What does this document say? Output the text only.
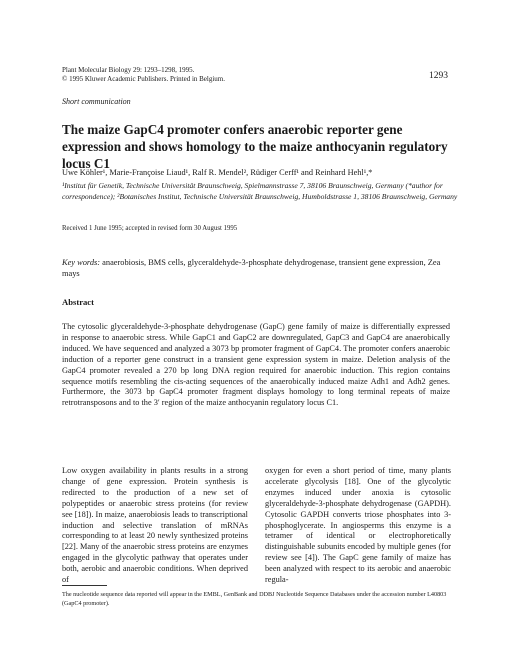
Plant Molecular Biology 29: 1293–1298, 1995.
© 1995 Kluwer Academic Publishers. Printed in Belgium.	1293
Short communication
The maize GapC4 promoter confers anaerobic reporter gene expression and shows homology to the maize anthocyanin regulatory locus C1
Uwe Köhler¹, Marie-Françoise Liaud¹, Ralf R. Mendel², Rüdiger Cerff¹ and Reinhard Hehl¹,*
¹Institut für Genetik, Technische Universität Braunschweig, Spielmannstrasse 7, 38106 Braunschweig, Germany (*author for correspondence); ²Botanisches Institut, Technische Universität Braunschweig, Humboldstrasse 1, 38106 Braunschweig, Germany
Received 1 June 1995; accepted in revised form 30 August 1995
Key words: anaerobiosis, BMS cells, glyceraldehyde-3-phosphate dehydrogenase, transient gene expression, Zea mays
Abstract
The cytosolic glyceraldehyde-3-phosphate dehydrogenase (GapC) gene family of maize is differentially expressed in response to anaerobic stress. While GapC1 and GapC2 are downregulated, GapC3 and GapC4 are anaerobically induced. We have sequenced and analyzed a 3073 bp promoter fragment of GapC4. The promoter confers anaerobic induction of a reporter gene construct in a transient gene expression system in maize. Deletion analysis of the GapC4 promoter revealed a 270 bp long DNA region required for anaerobic induction. This region contains sequence motifs resembling the cis-acting sequences of the anaerobically induced maize Adh1 and Adh2 genes. Furthermore, the 3073 bp GapC4 promoter fragment displays homology to long terminal repeats of maize retrotransposons and to the 3′ region of the maize anthocyanin regulatory locus C1.
Low oxygen availability in plants results in a strong change of gene expression. Protein synthesis is redirected to the production of a new set of polypeptides or anaerobic stress proteins (for review see [18]). In maize, anaerobiosis leads to transcriptional induction and selective translation of mRNAs corresponding to at least 20 newly synthesized proteins [22]. Many of the anaerobic stress proteins are enzymes engaged in the glycolytic pathway that operates under both, aerobic and anaerobic conditions. When deprived of
oxygen for even a short period of time, many plants accelerate glycolysis [18]. One of the glycolytic enzymes induced under anoxia is cytosolic glyceraldehyde-3-phosphate dehydrogenase (GAPDH). Cytosolic GAPDH converts triose phosphates into 3-phosphoglycerate. In angiosperms this enzyme is a tetramer of identical or electrophoretically distinguishable subunits encoded by multiple genes (for review see [4]). The GapC gene family of maize has been analyzed with respect to its aerobic and anaerobic regula-
The nucleotide sequence data reported will appear in the EMBL, GenBank and DDBJ Nucleotide Sequence Databases under the accession number L40803 (GapC4 promoter).
